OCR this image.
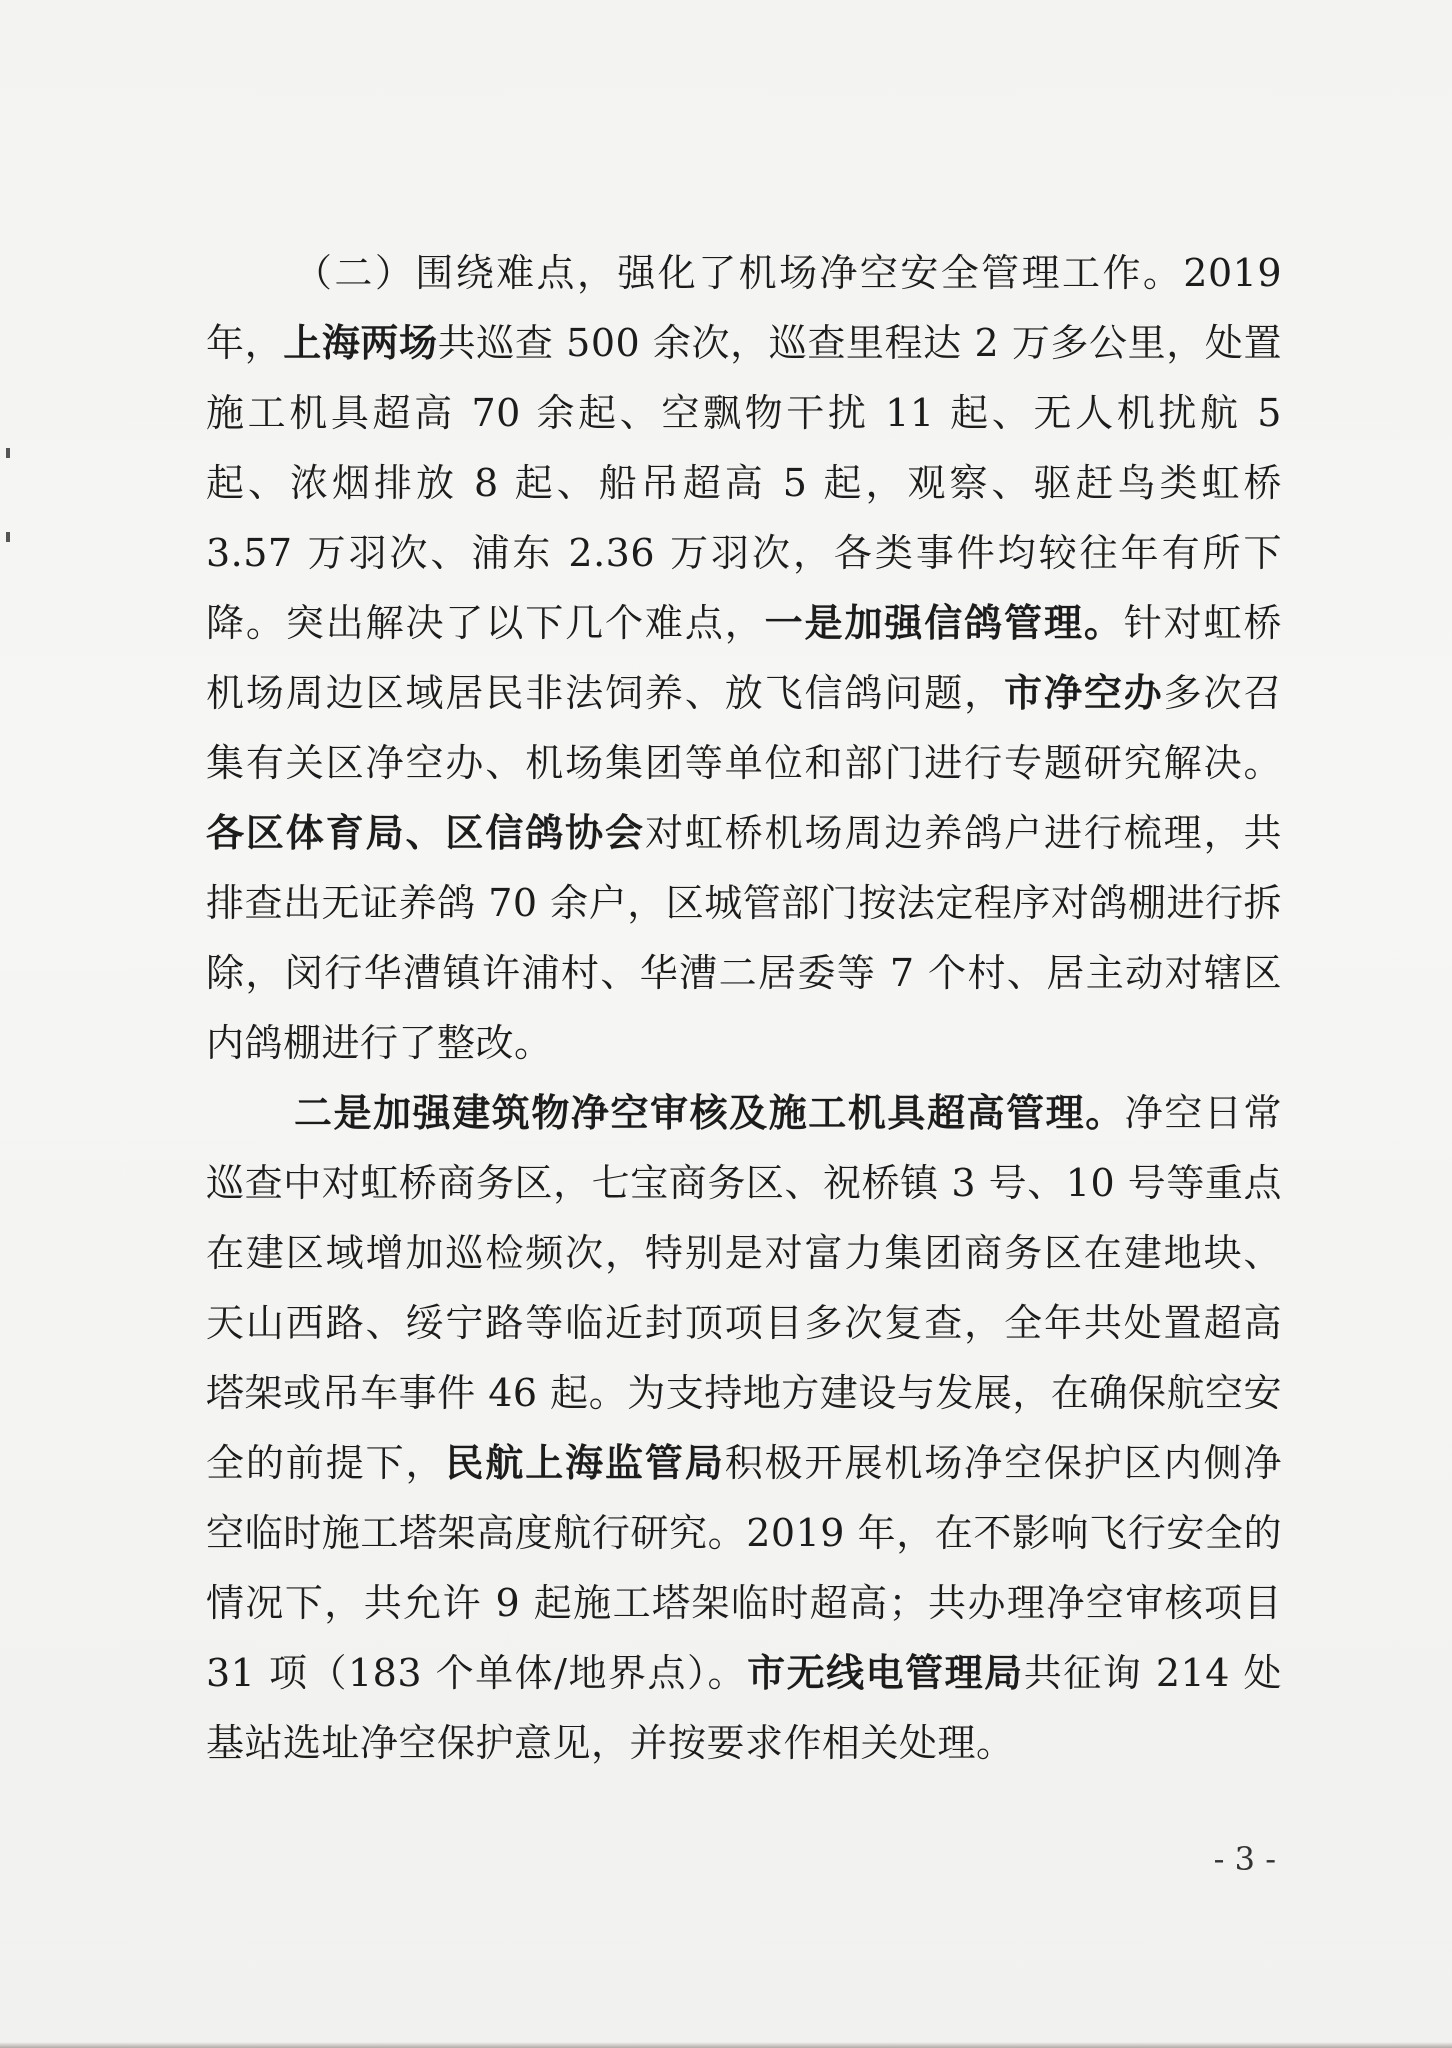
（二）围绕难点，强化了机场净空安全管理工作。2019 年，上海两场共巡查 500 余次，巡查里程达 2 万多公里，处置施工机具超高 70 余起、空飘物干扰 11 起、无人机扰航 5 起、浓烟排放 8 起、船吊超高 5 起，观察、驱赶鸟类虹桥 3.57 万羽次、浦东 2.36 万羽次，各类事件均较往年有所下降。突出解决了以下几个难点，一是加强信鸽管理。针对虹桥机场周边区域居民非法饲养、放飞信鸽问题，市净空办多次召集有关区净空办、机场集团等单位和部门进行专题研究解决。各区体育局、区信鸽协会对虹桥机场周边养鸽户进行梳理，共排查出无证养鸽 70 余户，区城管部门按法定程序对鸽棚进行拆除，闵行华漕镇许浦村、华漕二居委等 7 个村、居主动对辖区内鸽棚进行了整改。

二是加强建筑物净空审核及施工机具超高管理。净空日常巡查中对虹桥商务区，七宝商务区、祝桥镇 3 号、10 号等重点在建区域增加巡检频次，特别是对富力集团商务区在建地块、天山西路、绥宁路等临近封顶项目多次复查，全年共处置超高塔架或吊车事件 46 起。为支持地方建设与发展，在确保航空安全的前提下，民航上海监管局积极开展机场净空保护区内侧净空临时施工塔架高度航行研究。2019 年，在不影响飞行安全的情况下，共允许 9 起施工塔架临时超高；共办理净空审核项目 31 项（183 个单体/地界点）。市无线电管理局共征询 214 处基站选址净空保护意见，并按要求作相关处理。

- 3 -
